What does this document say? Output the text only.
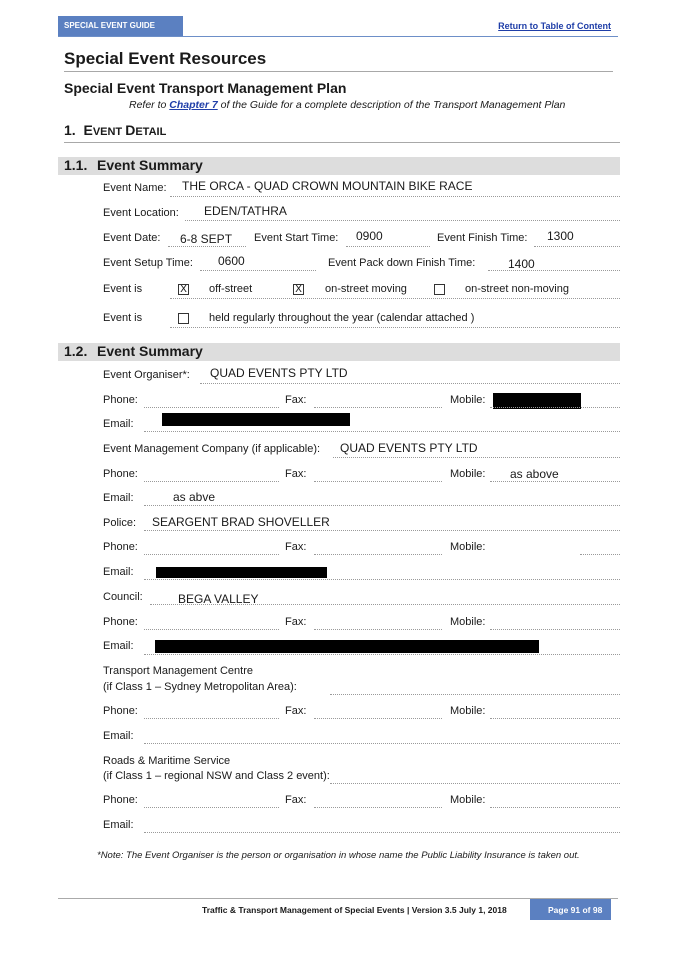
SPECIAL EVENT GUIDE	Return to Table of Content
Special Event Resources
Special Event Transport Management Plan
Refer to Chapter 7 of the Guide for a complete description of the Transport Management Plan
1. EVENT DETAIL
1.1. Event Summary
Event Name: THE ORCA - QUAD CROWN MOUNTAIN BIKE RACE
Event Location: EDEN/TATHRA
Event Date: 6-8 SEPT Event Start Time: 0900	Event Finish Time: 1300
Event Setup Time: 0600	Event Pack down Finish Time:	1400
Event is	X off-street	X on-street moving	on-street non-moving
Event is	held regularly throughout the year (calendar attached )
1.2. Event Summary
Event Organiser*: QUAD EVENTS PTY LTD
Phone:	Fax:	Mobile:
Email:
Event Management Company (if applicable): QUAD EVENTS PTY LTD
Phone:	Fax:	Mobile: as above
Email:	as abve
Police: SEARGENT BRAD SHOVELLER
Phone:	Fax:	Mobile:
Email:
Council:	BEGA VALLEY
Phone:	Fax:	Mobile:
Email:
Transport Management Centre
(if Class 1 – Sydney Metropolitan Area):
Phone:	Fax:	Mobile:
Email:
Roads & Maritime Service
(if Class 1 – regional NSW and Class 2 event):
Phone:	Fax:	Mobile:
Email:
*Note: The Event Organiser is the person or organisation in whose name the Public Liability Insurance is taken out.
Traffic & Transport Management of Special Events | Version 3.5 July 1, 2018	Page 91 of 98
